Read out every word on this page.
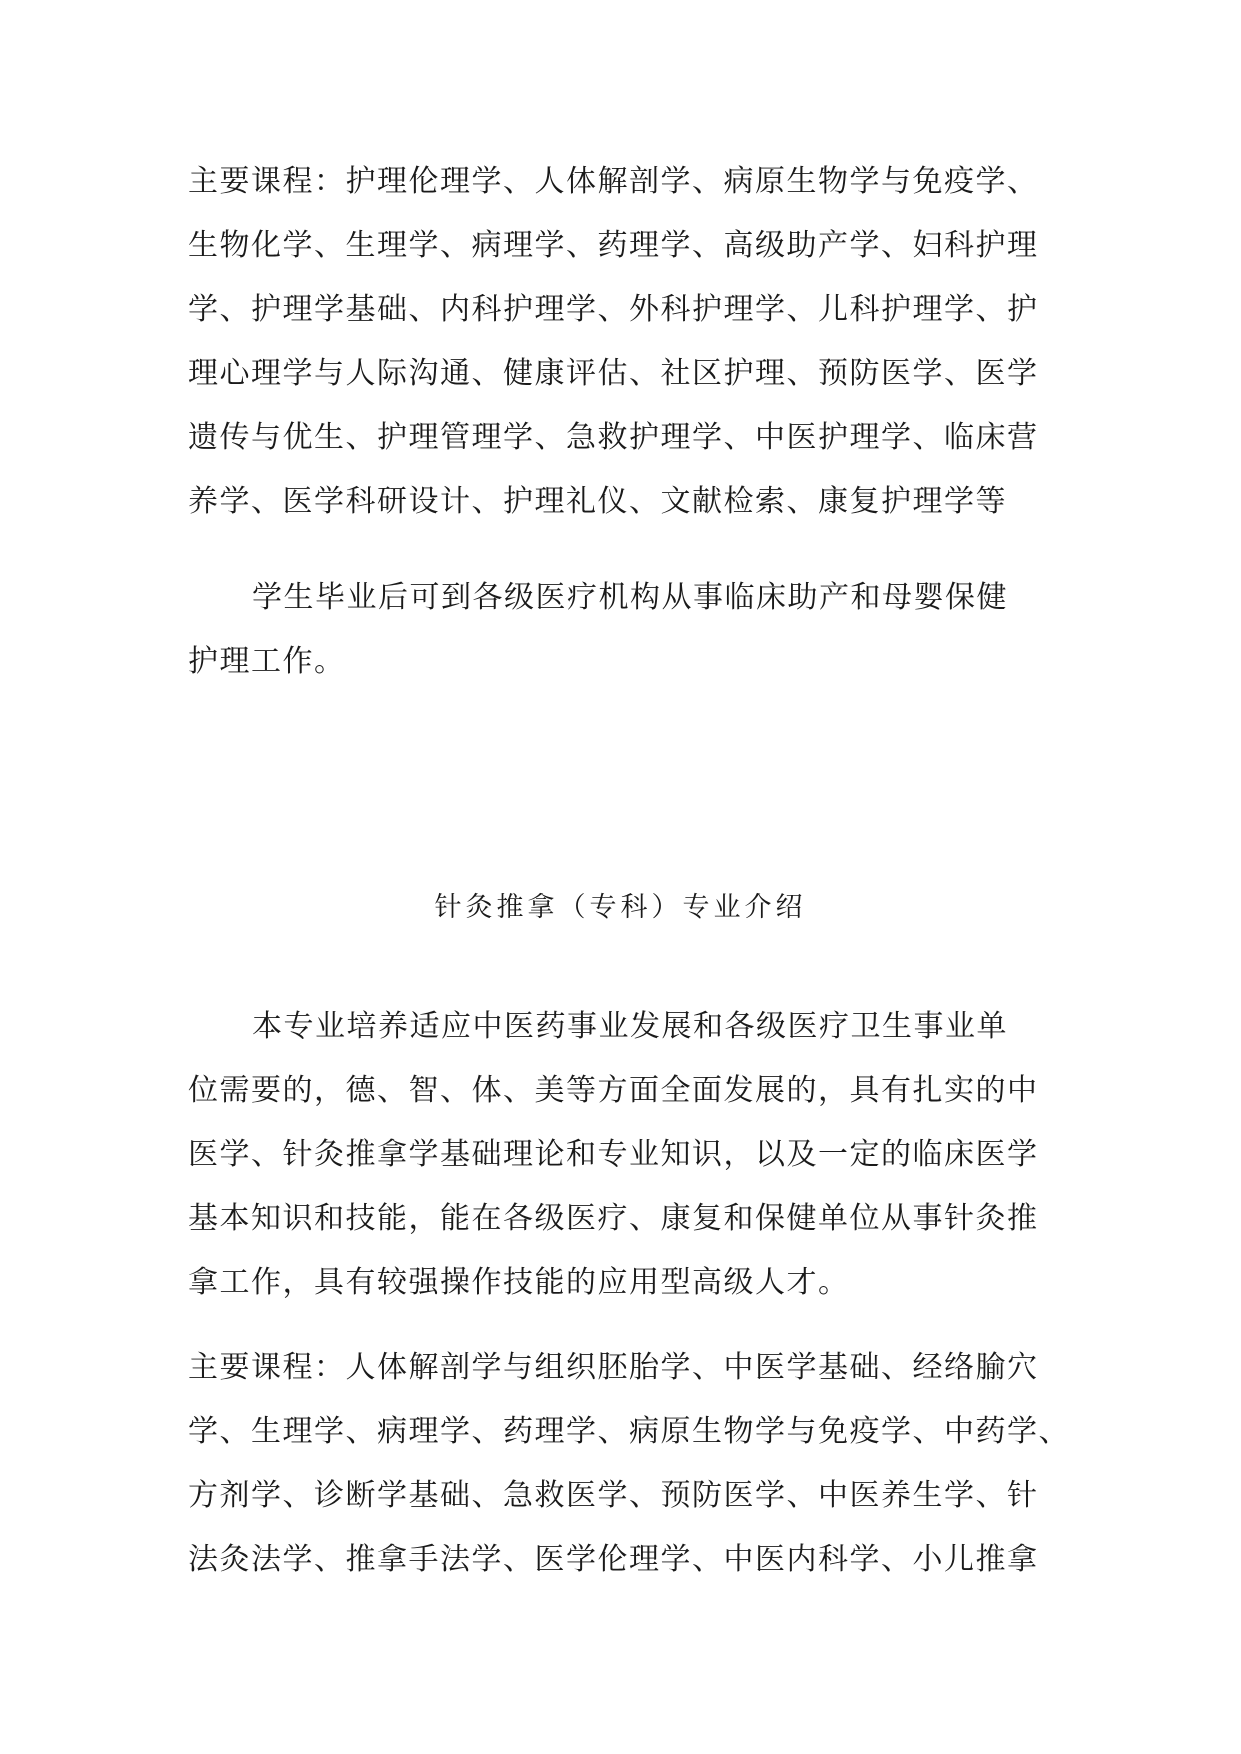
主要课程：护理伦理学、人体解剖学、病原生物学与免疫学、
生物化学、生理学、病理学、药理学、高级助产学、妇科护理
学、护理学基础、内科护理学、外科护理学、儿科护理学、护
理心理学与人际沟通、健康评估、社区护理、预防医学、医学
遗传与优生、护理管理学、急救护理学、中医护理学、临床营
养学、医学科研设计、护理礼仪、文献检索、康复护理学等
学生毕业后可到各级医疗机构从事临床助产和母婴保健
护理工作。
针灸推拿（专科）专业介绍
本专业培养适应中医药事业发展和各级医疗卫生事业单
位需要的，德、智、体、美等方面全面发展的，具有扎实的中
医学、针灸推拿学基础理论和专业知识，以及一定的临床医学
基本知识和技能，能在各级医疗、康复和保健单位从事针灸推
拿工作，具有较强操作技能的应用型高级人才。
主要课程：人体解剖学与组织胚胎学、中医学基础、经络腧穴
学、生理学、病理学、药理学、病原生物学与免疫学、中药学、
方剂学、诊断学基础、急救医学、预防医学、中医养生学、针
法灸法学、推拿手法学、医学伦理学、中医内科学、小儿推拿
